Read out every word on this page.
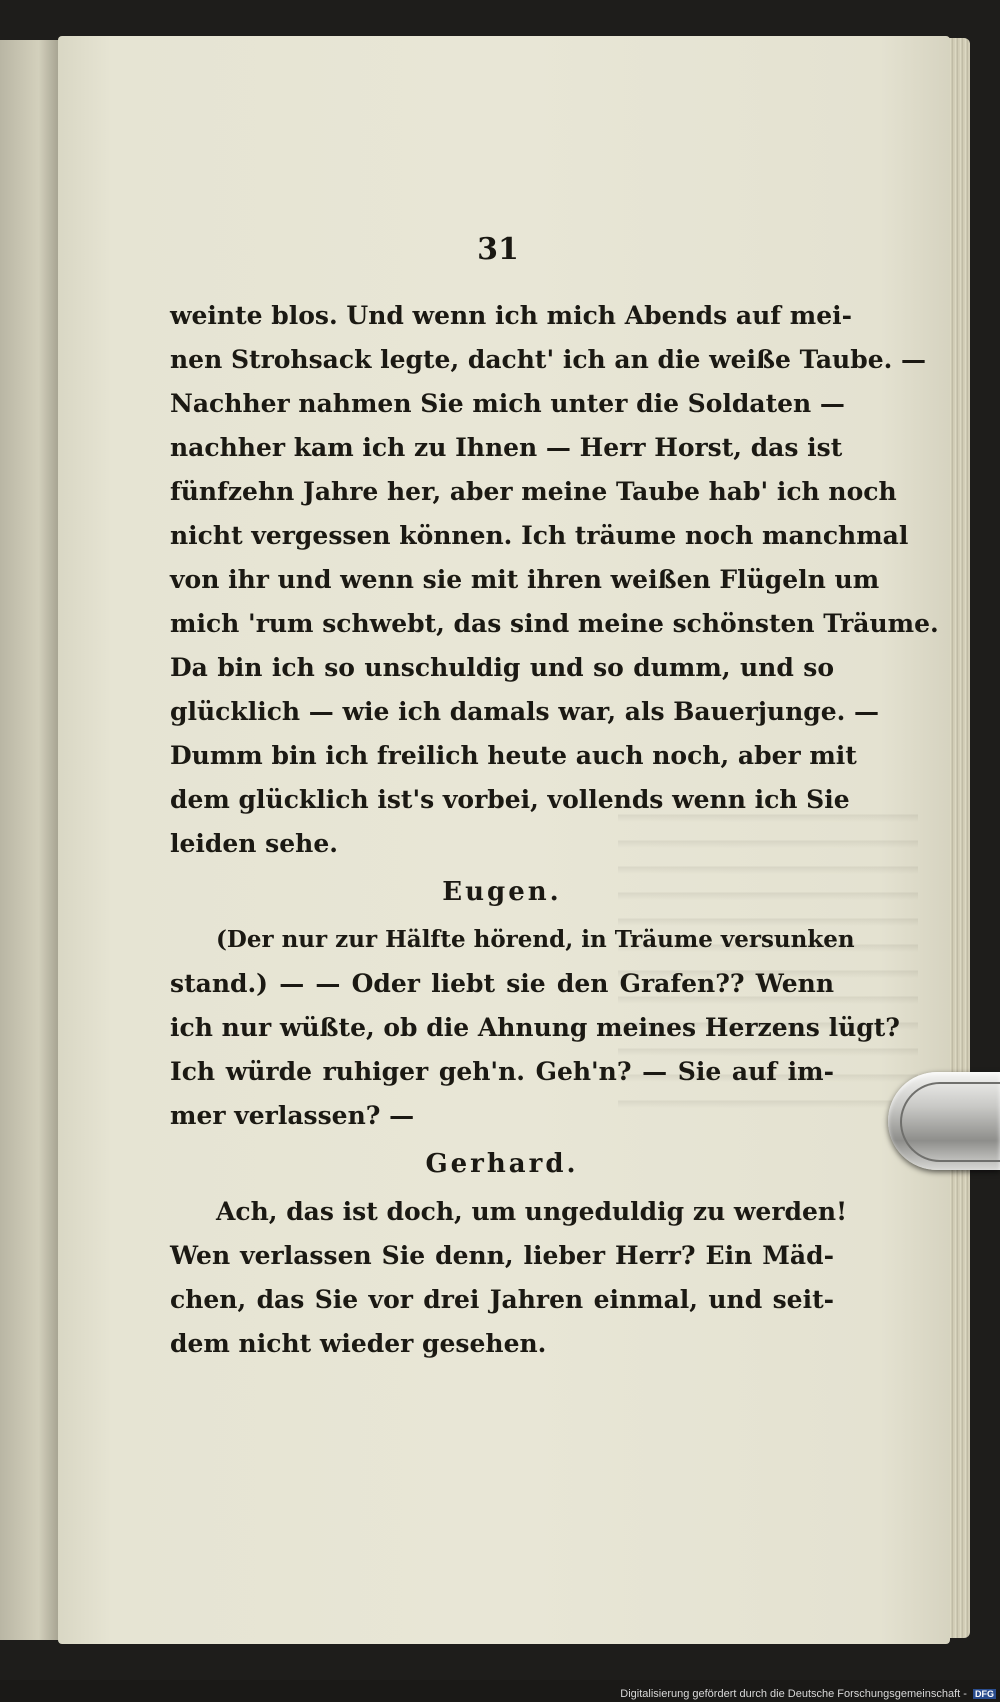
31
weinte blos. Und wenn ich mich Abends auf mei-
nen Strohsack legte, dacht' ich an die weiße Taube. —
Nachher nahmen Sie mich unter die Soldaten —
nachher kam ich zu Ihnen — Herr Horst, das ist
fünfzehn Jahre her, aber meine Taube hab' ich noch
nicht vergessen können. Ich träume noch manchmal
von ihr und wenn sie mit ihren weißen Flügeln um
mich 'rum schwebt, das sind meine schönsten Träume.
Da bin ich so unschuldig und so dumm, und so
glücklich — wie ich damals war, als Bauerjunge. —
Dumm bin ich freilich heute auch noch, aber mit
dem glücklich ist's vorbei, vollends wenn ich Sie
leiden sehe.
Eugen.
(Der nur zur Hälfte hörend, in Träume versunken
stand.) — — Oder liebt sie den Grafen?? Wenn
ich nur wüßte, ob die Ahnung meines Herzens lügt?
Ich würde ruhiger geh'n. Geh'n? — Sie auf im-
mer verlassen? —
Gerhard.
Ach, das ist doch, um ungeduldig zu werden!
Wen verlassen Sie denn, lieber Herr? Ein Mäd-
chen, das Sie vor drei Jahren einmal, und seit-
dem nicht wieder gesehen.
Digitalisierung gefördert durch die Deutsche Forschungsgemeinschaft - DFG
